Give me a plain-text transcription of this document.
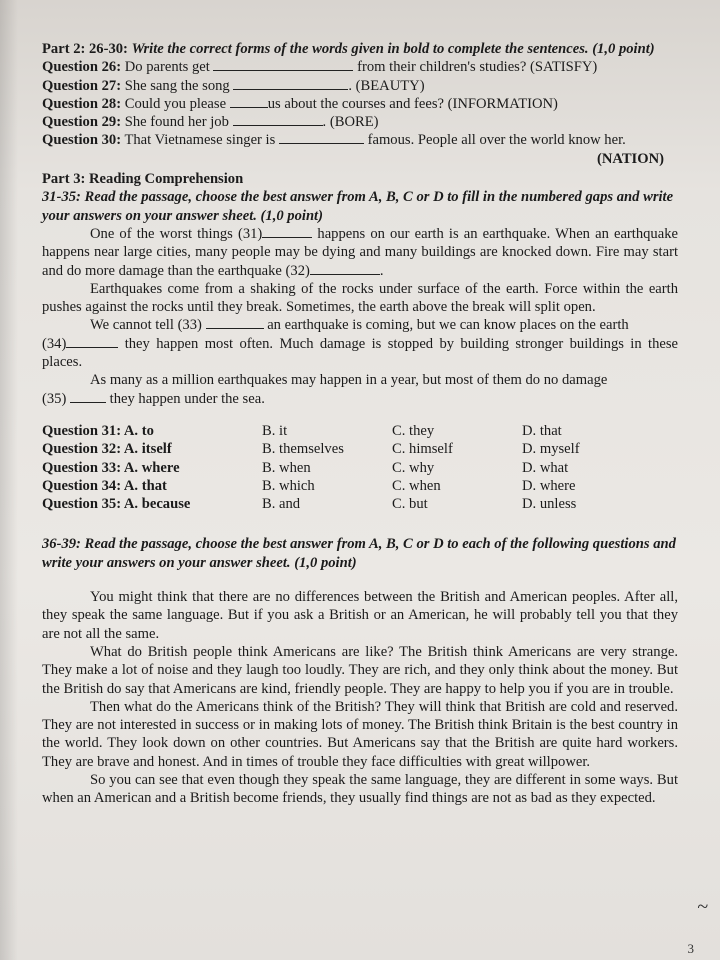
Part 2: 26-30: Write the correct forms of the words given in bold to complete the sentences. (1,0 point)
Question 26: Do parents get	from their children's studies? (SATISFY)
Question 27: She sang the song	. (BEAUTY)
Question 28: Could you please	us about the courses and fees? (INFORMATION)
Question 29: She found her job	. (BORE)
Question 30: That Vietnamese singer is	famous. People all over the world know her.
(NATION)
Part 3: Reading Comprehension
31-35: Read the passage, choose the best answer from A, B, C or D to fill in the numbered gaps and write your answers on your answer sheet. (1,0 point)
One of the worst things (31)	happens on our earth is an earthquake. When an earthquake happens near large cities, many people may be dying and many buildings are knocked down. Fire may start and do more damage than the earthquake (32)	.
Earthquakes come from a shaking of the rocks under surface of the earth. Force within the earth pushes against the rocks until they break. Sometimes, the earth above the break will split open.
We cannot tell (33)	an earthquake is coming, but we can know places on the earth
(34)	they happen most often. Much damage is stopped by building stronger buildings in these places.
As many as a million earthquakes may happen in a year, but most of them do no damage
(35)	they happen under the sea.
Question 31: A. to	B. it	C. they	D. that
Question 32: A. itself	B. themselves	C. himself	D. myself
Question 33: A. where	B. when	C. why	D. what
Question 34: A. that	B. which	C. when	D. where
Question 35: A. because	B. and	C. but	D. unless
36-39: Read the passage, choose the best answer from A, B, C or D to each of the following questions and write your answers on your answer sheet. (1,0 point)
You might think that there are no differences between the British and American peoples. After all, they speak the same language. But if you ask a British or an American, he will probably tell you that they are not all the same.
What do British people think Americans are like? The British think Americans are very strange. They make a lot of noise and they laugh too loudly. They are rich, and they only think about the money. But the British do say that Americans are kind, friendly people. They are happy to help you if you are in trouble.
Then what do the Americans think of the British? They will think that British are cold and reserved. They are not interested in success or in making lots of money. The British think Britain is the best country in the world. They look down on other countries. But Americans say that the British are quite hard workers. They are brave and honest. And in times of trouble they face difficulties with great willpower.
So you can see that even though they speak the same language, they are different in some ways. But when an American and a British become friends, they usually find things are not as bad as they expected.
~
3
